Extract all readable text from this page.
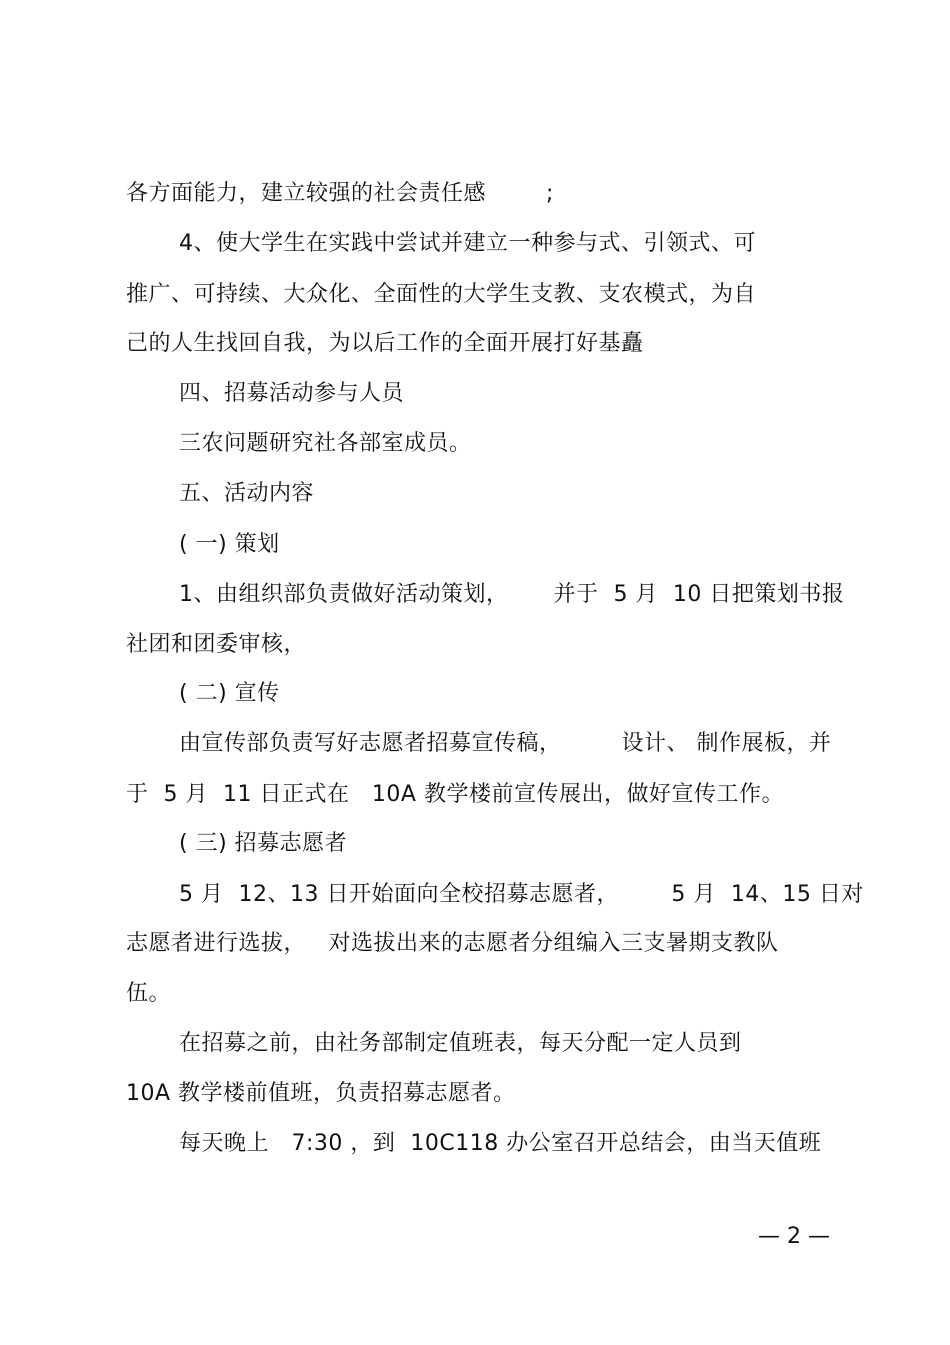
各方面能力，建立较强的社会责任感        ;
4、使大学生在实践中尝试并建立一种参与式、引领式、可
推广、可持续、大众化、全面性的大学生支教、支农模式，为自
己的人生找回自我，为以后工作的全面开展打好基矗
四、招募活动参与人员
三农问题研究社各部室成员。
五、活动内容
( 一) 策划
1、由组织部负责做好活动策划，      并于  5 月  10 日把策划书报
社团和团委审核，
( 二) 宣传
由宣传部负责写好志愿者招募宣传稿，        设计、 制作展板，并
于  5 月  11 日正式在   10A 教学楼前宣传展出，做好宣传工作。
( 三) 招募志愿者
5 月  12、13 日开始面向全校招募志愿者，       5 月  14、15 日对
志愿者进行选拔，   对选拔出来的志愿者分组编入三支暑期支教队
伍。
在招募之前，由社务部制定值班表，每天分配一定人员到
10A 教学楼前值班，负责招募志愿者。
每天晚上   7:30 ，到  10C118 办公室召开总结会，由当天值班
— 2 —
